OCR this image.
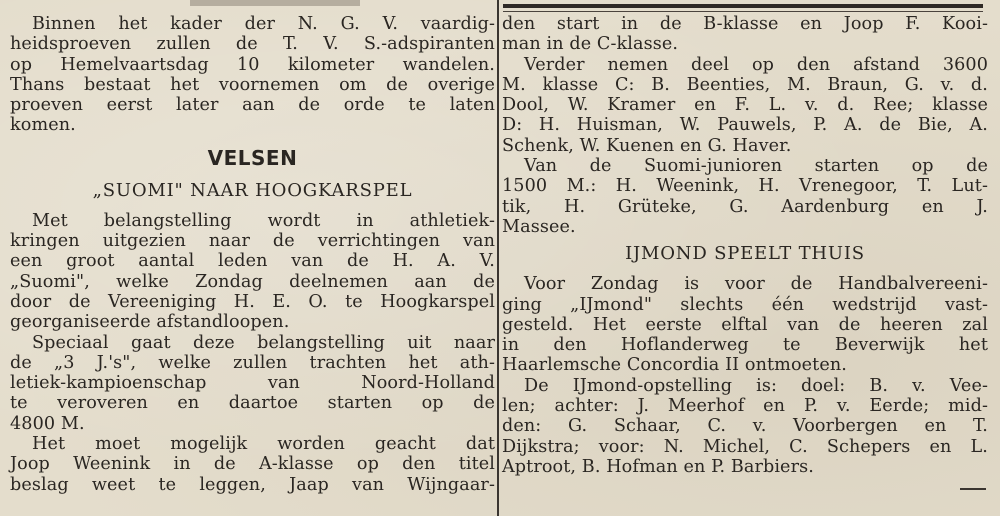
Binnen het kader der N. G. V. vaardig-
heidsproeven zullen de T. V. S.-adspiranten
op Hemelvaartsdag 10 kilometer wandelen.
Thans bestaat het voornemen om de overige
proeven eerst later aan de orde te laten
komen.
VELSEN
„SUOMI" NAAR HOOGKARSPEL
Met belangstelling wordt in athletiek-
kringen uitgezien naar de verrichtingen van
een groot aantal leden van de H. A. V.
„Suomi", welke Zondag deelnemen aan de
door de Vereeniging H. E. O. te Hoogkarspel
georganiseerde afstandloopen.
Speciaal gaat deze belangstelling uit naar
de „3 J.'s", welke zullen trachten het ath-
letiek-kampioenschap van Noord-Holland
te veroveren en daartoe starten op de
4800 M.
Het moet mogelijk worden geacht dat
Joop Weenink in de A-klasse op den titel
beslag weet te leggen, Jaap van Wijngaar-
den start in de B-klasse en Joop F. Kooi-
man in de C-klasse.
Verder nemen deel op den afstand 3600
M. klasse C: B. Beenties, M. Braun, G. v. d.
Dool, W. Kramer en F. L. v. d. Ree; klasse
D: H. Huisman, W. Pauwels, P. A. de Bie, A.
Schenk, W. Kuenen en G. Haver.
Van de Suomi-junioren starten op de
1500 M.: H. Weenink, H. Vrenegoor, T. Lut-
tik, H. Grüteke, G. Aardenburg en J.
Massee.
IJMOND SPEELT THUIS
Voor Zondag is voor de Handbalvereeni-
ging „IJmond" slechts één wedstrijd vast-
gesteld. Het eerste elftal van de heeren zal
in den Hoflanderweg te Beverwijk het
Haarlemsche Concordia II ontmoeten.
De IJmond-opstelling is: doel: B. v. Vee-
len; achter: J. Meerhof en P. v. Eerde; mid-
den: G. Schaar, C. v. Voorbergen en T.
Dijkstra; voor: N. Michel, C. Schepers en L.
Aptroot, B. Hofman en P. Barbiers.
